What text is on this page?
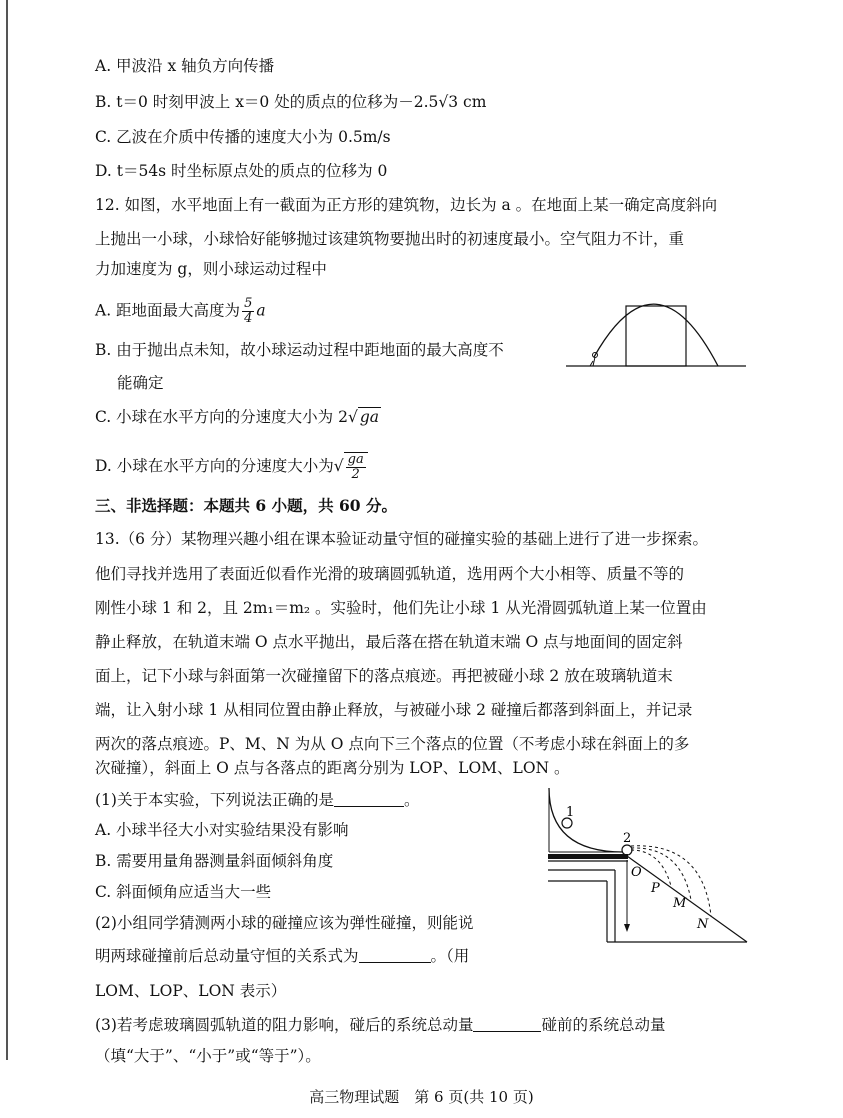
A. 甲波沿 x 轴负方向传播
B. t＝0 时刻甲波上 x＝0 处的质点的位移为－2.5√3 cm
C. 乙波在介质中传播的速度大小为 0.5m/s
D. t＝54s 时坐标原点处的质点的位移为 0
12. 如图，水平地面上有一截面为正方形的建筑物，边长为 a 。在地面上某一确定高度斜向
上抛出一小球，小球恰好能够抛过该建筑物要抛出时的初速度最小。空气阻力不计，重
力加速度为 g，则小球运动过程中
A. 距地面最大高度为 $\frac{5}{4}$ a
B. 由于抛出点未知，故小球运动过程中距地面的最大高度不
能确定
C. 小球在水平方向的分速度大小为 2√ ga
D. 小球在水平方向的分速度大小为√ $\frac{ga}{2}$
三、非选择题：本题共 6 小题，共 60 分。
13.（6 分）某物理兴趣小组在课本验证动量守恒的碰撞实验的基础上进行了进一步探索。
他们寻找并选用了表面近似看作光滑的玻璃圆弧轨道，选用两个大小相等、质量不等的
刚性小球 1 和 2，且 2m₁＝m₂ 。实验时，他们先让小球 1 从光滑圆弧轨道上某一位置由
静止释放，在轨道末端 O 点水平抛出，最后落在搭在轨道末端 O 点与地面间的固定斜
面上，记下小球与斜面第一次碰撞留下的落点痕迹。再把被碰小球 2 放在玻璃轨道末
端，让入射小球 1 从相同位置由静止释放，与被碰小球 2 碰撞后都落到斜面上，并记录
两次的落点痕迹。P、M、N 为从 O 点向下三个落点的位置（不考虑小球在斜面上的多
次碰撞），斜面上 O 点与各落点的距离分别为 LOP、LOM、LON 。
(1)关于本实验，下列说法正确的是	。
A. 小球半径大小对实验结果没有影响
B. 需要用量角器测量斜面倾斜角度
C. 斜面倾角应适当大一些
(2)小组同学猜测两小球的碰撞应该为弹性碰撞，则能说
明两球碰撞前后总动量守恒的关系式为	。（用
LOM、LOP、LON 表示）
(3)若考虑玻璃圆弧轨道的阻力影响，碰后的系统总动量	碰前的系统总动量
（填“大于”、“小于”或“等于”）。
1
2
O
P
M
N
高三物理试题　第 6 页(共 10 页)
